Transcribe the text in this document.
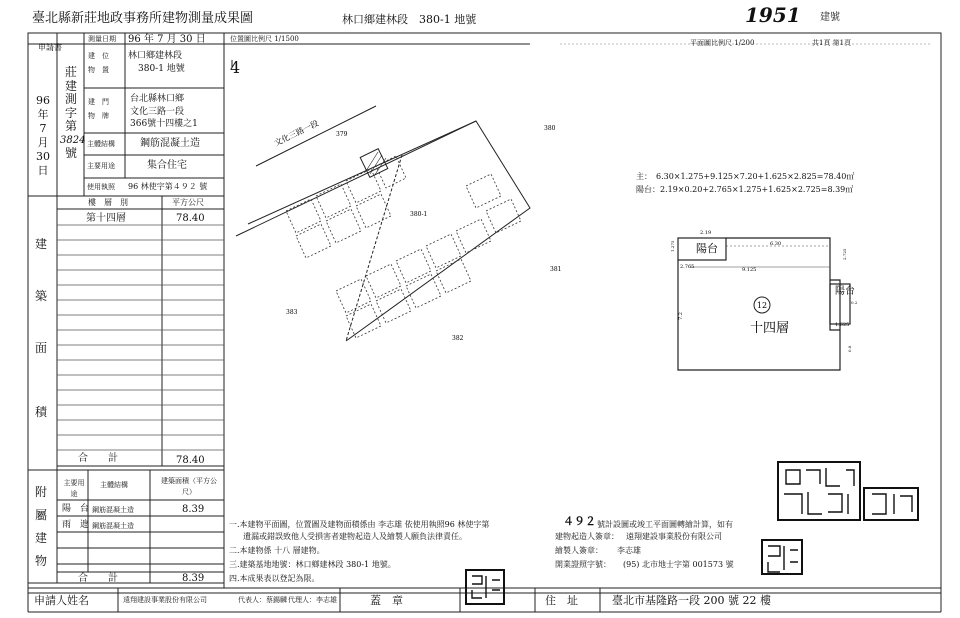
臺北縣新莊地政事務所建物測量成果圖	林口鄉建林段　380-1 地號	1951 建號
申請書
測量日期 96 年 7 月 30 日
建　位
物　置
林口鄉建林段
380-1 地號
莊
建
測
字
第
3824
號
96
年
7
月
30
日
建　門
物　牌
台北縣林口鄉
文化三路一段
366號十四樓之1
主體結構	鋼筋混凝土造
主要用途	集合住宅
使用執照 96 林使字第４９２ 號
樓　層　別	平方公尺
第十四層	78.40
建
築
面
積
合　　計	78.40
附
屬
建
物
主要用途
主體結構	建築面積（平方公尺）
陽　台 鋼筋混凝土造	8.39
雨　遮 鋼筋混凝土造
合　　計	8.39
位置圖比例尺 1/1500
4
文化三路一段	379
380
380-1
381
382
383
平面圖比例尺 1/200	共1頁 第1頁
主：　6.30×1.275+9.125×7.20+1.625×2.825=78.40㎡
陽台：2.19×0.20+2.765×1.275+1.625×2.725=8.39㎡
12
陽台
陽台
十四層
2.19
2.765
6.30
9.125
7.2
1.275
1.625
2.725
0.2
0.8
一.本建物平面圖，位置圖及建物面積係由 李志雄 依使用執照96 林使字第	４９２ 號計設圖或竣工平面圖轉繪計算，如有
遺漏或錯誤致他人受損害者建物起造人及繪製人願負法律責任。
二.本建物係 十八 層建物。
三.建築基地地號：林口鄉建林段 380-1 地號。
四.本成果表以登記為限。
建物起造人簽章： 遠翔建設事業股份有限公司
繪製人簽章： 李志雄
開業證照字號： (95) 北市地士字第 001573 號
申請人姓名	遠翔建設事業股份有限公司	代表人：蔡錫麟 代理人：李志雄	蓋　章	住　址	臺北市基隆路一段 200 號 22 樓
